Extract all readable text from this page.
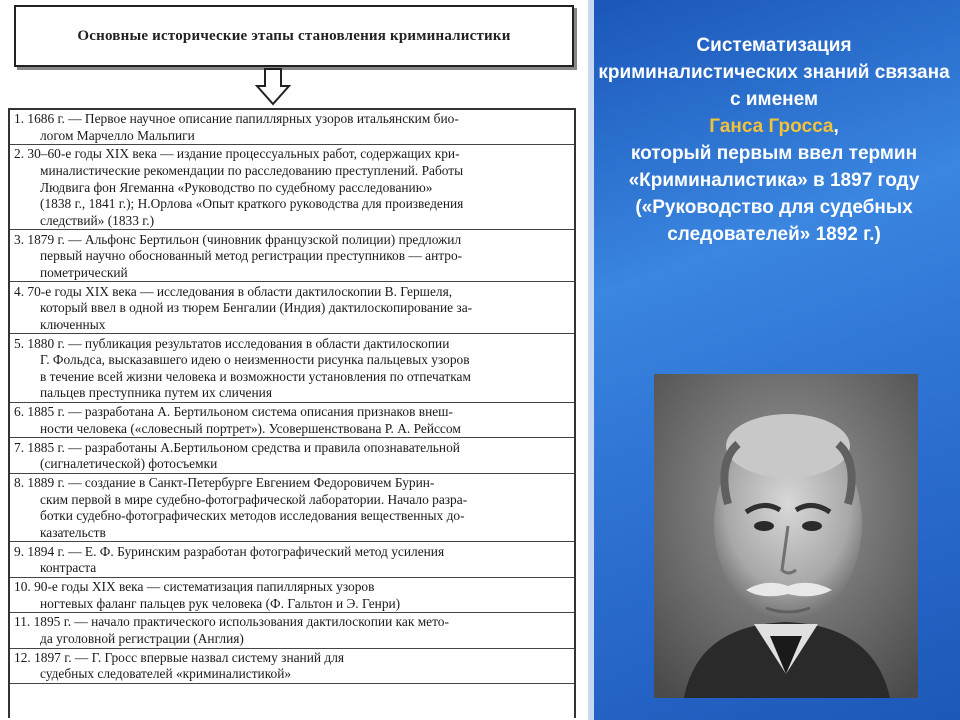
Основные исторические этапы становления криминалистики
1. 1686 г. — Первое научное описание папиллярных узоров итальянским био-
логом Марчелло Мальпиги
2. 30–60-е годы XIX века — издание процессуальных работ, содержащих кри-
миналистические рекомендации по расследованию преступлений. Работы
Людвига фон Ягеманна «Руководство по судебному расследованию»
(1838 г., 1841 г.); Н.Орлова «Опыт краткого руководства для произведения
следствий» (1833 г.)
3. 1879 г. — Альфонс Бертильон (чиновник французской полиции) предложил
первый научно обоснованный метод регистрации преступников — антро-
пометрический
4. 70-е годы XIX века — исследования в области дактилоскопии В. Гершеля,
который ввел в одной из тюрем Бенгалии (Индия) дактилоскопирование за-
ключенных
5. 1880 г. — публикация результатов исследования в области дактилоскопии
Г. Фольдса, высказавшего идею о неизменности рисунка пальцевых узоров
в течение всей жизни человека и возможности установления по отпечаткам
пальцев преступника путем их сличения
6. 1885 г. — разработана А. Бертильоном система описания признаков внеш-
ности человека («словесный портрет»). Усовершенствована Р. А. Рейссом
7. 1885 г. — разработаны А.Бертильоном средства и правила опознавательной
(сигналетической) фотосъемки
8. 1889 г. — создание в Санкт-Петербурге Евгением Федоровичем Бурин-
ским первой в мире судебно-фотографической лаборатории. Начало разра-
ботки судебно-фотографических методов исследования вещественных до-
казательств
9. 1894 г. — Е. Ф. Буринским разработан фотографический метод усиления
контраста
10. 90-е годы XIX века — систематизация папиллярных узоров
ногтевых фаланг пальцев рук человека (Ф. Гальтон и Э. Генри)
11. 1895 г. — начало практического использования дактилоскопии как мето-
да уголовной регистрации (Англия)
12. 1897 г. — Г. Гросс впервые назвал систему знаний для
судебных следователей «криминалистикой»
Систематизация криминалистических знаний связана с именем
Ганса Гросса,
который первым ввел термин «Криминалистика» в 1897 году («Руководство для судебных следователей» 1892 г.)
